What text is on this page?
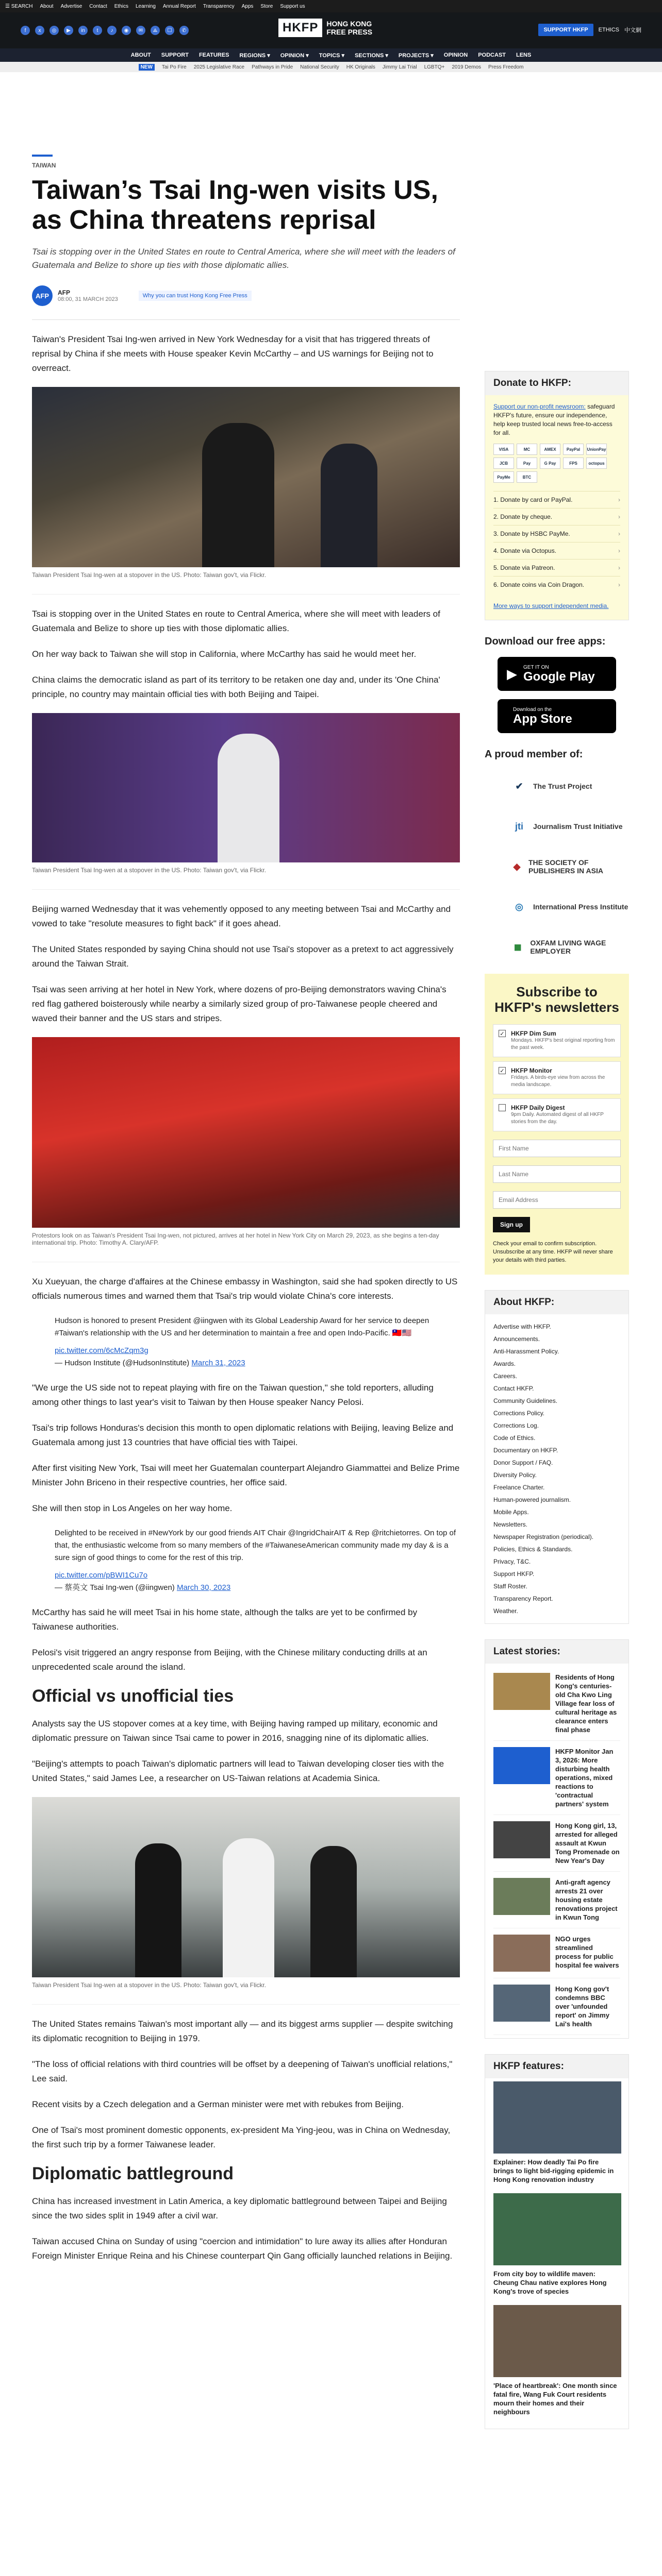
☰ SEARCH About Advertise Contact Ethics Learning Annual Report Transparency Apps Store Support us
f	x	◎	▶	in	t	♪	◉	✉	⟁	☐	✆	HKFP	HONG KONG
FREE PRESS	SUPPORT HKFP	ETHICS 中文網
ABOUT SUPPORT FEATURES REGIONS ▾ OPINION ▾ TOPICS ▾ SECTIONS ▾ PROJECTS ▾ OPINION PODCAST LENS
NEW	Tai Po Fire 2025 Legislative Race Pathways in Pride National Security HK Originals Jimmy Lai Trial LGBTQ+ 2019 Demos Press Freedom
TAIWAN
Taiwan’s Tsai Ing-wen visits US, as China threatens reprisal
Tsai is stopping over in the United States en route to Central America, where she will meet with the leaders of Guatemala and Belize to shore up ties with those diplomatic allies.
AFP	AFP
08:00, 31 MARCH 2023
Why you can trust Hong Kong Free Press

Taiwan's President Tsai Ing-wen arrived in New York Wednesday for a visit that has triggered threats of reprisal by China if she meets with House speaker Kevin McCarthy – and US warnings for Beijing not to overreact.

Taiwan President Tsai Ing-wen at a stopover in the US. Photo: Taiwan gov't, via Flickr.

Tsai is stopping over in the United States en route to Central America, where she will meet with leaders of Guatemala and Belize to shore up ties with those diplomatic allies.

On her way back to Taiwan she will stop in California, where McCarthy has said he would meet her.

China claims the democratic island as part of its territory to be retaken one day and, under its 'One China' principle, no country may maintain official ties with both Beijing and Taipei.

Taiwan President Tsai Ing-wen at a stopover in the US. Photo: Taiwan gov't, via Flickr.

Beijing warned Wednesday that it was vehemently opposed to any meeting between Tsai and McCarthy and vowed to take "resolute measures to fight back" if it goes ahead.

The United States responded by saying China should not use Tsai's stopover as a pretext to act aggressively around the Taiwan Strait.

Tsai was seen arriving at her hotel in New York, where dozens of pro-Beijing demonstrators waving China's red flag gathered boisterously while nearby a similarly sized group of pro-Taiwanese people cheered and waved their banner and the US stars and stripes.

Protestors look on as Taiwan's President Tsai Ing-wen, not pictured, arrives at her hotel in New York City on March 29, 2023, as she begins a ten-day international trip. Photo: Timothy A. Clary/AFP.

Xu Xueyuan, the charge d'affaires at the Chinese embassy in Washington, said she had spoken directly to US officials numerous times and warned them that Tsai's trip would violate China's core interests.

Hudson is honored to present President @iingwen with its Global Leadership Award for her service to deepen #Taiwan's relationship with the US and her determination to maintain a free and open Indo-Pacific. 🇹🇼🇺🇸
pic.twitter.com/6cMcZqm3g
— Hudson Institute (@HudsonInstitute) March 31, 2023

"We urge the US side not to repeat playing with fire on the Taiwan question," she told reporters, alluding among other things to last year's visit to Taiwan by then House speaker Nancy Pelosi.

Tsai's trip follows Honduras's decision this month to open diplomatic relations with Beijing, leaving Belize and Guatemala among just 13 countries that have official ties with Taipei.

After first visiting New York, Tsai will meet her Guatemalan counterpart Alejandro Giammattei and Belize Prime Minister John Briceno in their respective countries, her office said.

She will then stop in Los Angeles on her way home.

Delighted to be received in #NewYork by our good friends AIT Chair @IngridChairAIT & Rep @ritchietorres. On top of that, the enthusiastic welcome from so many members of the #TaiwaneseAmerican community made my day & is a sure sign of good things to come for the rest of this trip.
pic.twitter.com/pBWI1Cu7o
— 蔡英文 Tsai Ing-wen (@iingwen) March 30, 2023

McCarthy has said he will meet Tsai in his home state, although the talks are yet to be confirmed by Taiwanese authorities.

Pelosi's visit triggered an angry response from Beijing, with the Chinese military conducting drills at an unprecedented scale around the island.

Official vs unofficial ties

Analysts say the US stopover comes at a key time, with Beijing having ramped up military, economic and diplomatic pressure on Taiwan since Tsai came to power in 2016, snagging nine of its diplomatic allies.

"Beijing's attempts to poach Taiwan's diplomatic partners will lead to Taiwan developing closer ties with the United States," said James Lee, a researcher on US-Taiwan relations at Academia Sinica.

Taiwan President Tsai Ing-wen at a stopover in the US. Photo: Taiwan gov't, via Flickr.

The United States remains Taiwan's most important ally — and its biggest arms supplier — despite switching its diplomatic recognition to Beijing in 1979.

"The loss of official relations with third countries will be offset by a deepening of Taiwan's unofficial relations," Lee said.

Recent visits by a Czech delegation and a German minister were met with rebukes from Beijing.

One of Tsai's most prominent domestic opponents, ex-president Ma Ying-jeou, was in China on Wednesday, the first such trip by a former Taiwanese leader.

Diplomatic battleground

China has increased investment in Latin America, a key diplomatic battleground between Taipei and Beijing since the two sides split in 1949 after a civil war.

Taiwan accused China on Sunday of using "coercion and intimidation" to lure away its allies after Honduran Foreign Minister Enrique Reina and his Chinese counterpart Qin Gang officially launched relations in Beijing.

Donate to HKFP:
Support our non-profit newsroom: safeguard HKFP's future, ensure our independence, help keep trusted local news free-to-access for all.
VISA	MC	AMEX	PayPal	UnionPay
JCB	Pay	G Pay	FPS	octopus
PayMe	BTC
1. Donate by card or PayPal.	›
2. Donate by cheque.	›
3. Donate by HSBC PayMe.	›
4. Donate via Octopus.	›
5. Donate via Patreon.	›
6. Donate coins via Coin Dragon.	›
More ways to support independent media.
Download our free apps:
▶ GET IT ON
Google Play
Download on the
App Store
A proud member of:
✔	The Trust Project
jti	Journalism Trust Initiative
◆	THE SOCIETY OF PUBLISHERS IN ASIA
◎	International Press Institute
◼	OXFAM LIVING WAGE EMPLOYER
Subscribe to HKFP's newsletters
✓ HKFP Dim Sum
Mondays. HKFP's best original reporting from the past week.
✓ HKFP Monitor
Fridays. A birds-eye view from across the media landscape.
HKFP Daily Digest
9pm Daily. Automated digest of all HKFP stories from the day.
First Name Last Name Email Address Sign up
Check your email to confirm subscription. Unsubscribe at any time. HKFP will never share your details with third parties.
About HKFP:
Advertise with HKFP.
Announcements.
Anti-Harassment Policy.
Awards.
Careers.
Contact HKFP.
Community Guidelines.
Corrections Policy.
Corrections Log.
Code of Ethics.
Documentary on HKFP.
Donor Support / FAQ.
Diversity Policy.
Freelance Charter.
Human-powered journalism.
Mobile Apps.
Newsletters.
Newspaper Registration (periodical).
Policies, Ethics & Standards.
Privacy, T&C.
Support HKFP.
Staff Roster.
Transparency Report.
Weather.
Latest stories:
Residents of Hong Kong's centuries-old Cha Kwo Ling Village fear loss of cultural heritage as clearance enters final phase
HKFP Monitor Jan 3, 2026: More disturbing health operations, mixed reactions to 'contractual partners' system
Hong Kong girl, 13, arrested for alleged assault at Kwun Tong Promenade on New Year's Day
Anti-graft agency arrests 21 over housing estate renovations project in Kwun Tong
NGO urges streamlined process for public hospital fee waivers
Hong Kong gov't condemns BBC over 'unfounded report' on Jimmy Lai's health
HKFP features:
Explainer: How deadly Tai Po fire brings to light bid-rigging epidemic in Hong Kong renovation industry
From city boy to wildlife maven: Cheung Chau native explores Hong Kong's trove of species
'Place of heartbreak': One month since fatal fire, Wang Fuk Court residents mourn their homes and their neighbours
